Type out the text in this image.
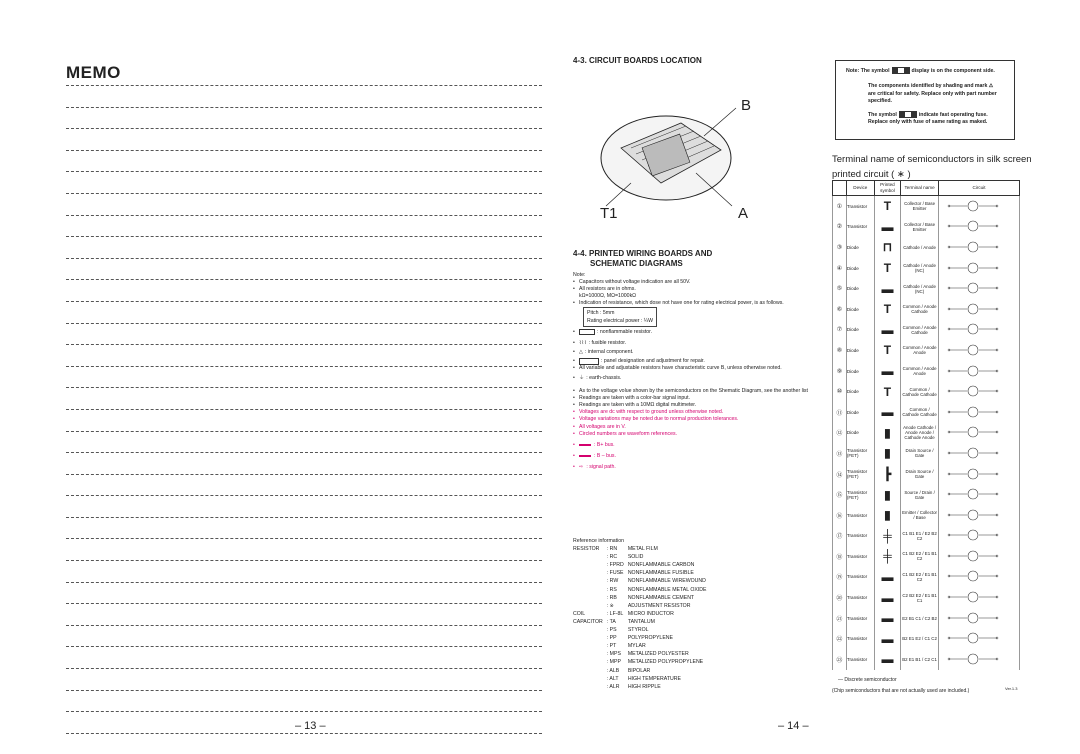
MEMO
– 13 –
4-3. CIRCUIT BOARDS LOCATION
B
T1	A
4-4. PRINTED WIRING BOARDS AND
SCHEMATIC DIAGRAMS
Note:
• Capacitors without voltage indication are all 50V.
• All resistors are in ohms.
kΩ=1000Ω, MΩ=1000kΩ
• Indication of resistance, which dose not have one for rating electrical power, is as follows.
Pitch : 5mm
Rating electrical power : ¼W
• : nonflammable resistor.
• ⌇⌇⌇ : fusible resistor.
• △ : internal component.
• : panel designation and adjustment for repair.
• All variable and adjustable resistors have characteristic curve B, unless otherwise noted.
• ⏚ : earth-chassis.
• As to the voltage volue shown by the semiconductors on the Shematic Diagram, see the another list
• Readings are taken with a color-bar signal input.
• Readings are taken with a 10MΩ digital multimeter.
• Voltages are dc with respect to ground unless otherwise noted.
• Voltage variations may be noted due to normal production tolerances.
• All voltages are in V.
• Circled numbers are waveform references.
• : B+ bus.
• : B – bus.
• ⇨ : signal path.
Reference information
RESISTOR	: RN	METAL FILM
	: RC	SOLID
	: FPRD	NONFLAMMABLE CARBON
	: FUSE	NONFLAMMABLE FUSIBLE
	: RW	NONFLAMMABLE WIREWOUND
	: RS	NONFLAMMABLE METAL OXIDE
	: RB	NONFLAMMABLE CEMENT
	: ※	ADJUSTMENT RESISTOR
COIL	: LF-8L	MICRO INDUCTOR
CAPACITOR	: TA	TANTALUM
	: PS	STYROL
	: PP	POLYPROPYLENE
	: PT	MYLAR
	: MPS	METALIZED POLYESTER
	: MPP	METALIZED POLYPROPYLENE
	: ALB	BIPOLAR
	: ALT	HIGH TEMPERATURE
	: ALR	HIGH RIPPLE
– 14 –
Note: The symbol	display is on the component side.
The components identified by shading and mark ⚠
are critical for safety. Replace only with part number specified.
The symbol	indicate fast operating fuse.
Replace only with fuse of same rating as maked.
Terminal name of semiconductors in silk screen printed circuit ( ∗ )
	Device	Printed symbol	Terminal name	Circuit
①	Transistor	T	Collector / Base Emitter	
②	Transistor	▬	Collector / Base Emitter	
③	Diode	⊓	Cathode / Anode	
④	Diode	T	Cathode / Anode (NC)	
⑤	Diode	▬	Cathode / Anode (NC)	
⑥	Diode	T	Common / Anode Cathode	
⑦	Diode	▬	Common / Anode Cathode	
⑧	Diode	T	Common / Anode Anode	
⑨	Diode	▬	Common / Anode Anode	
⑩	Diode	T	Common / Cathode Cathode	
⑪	Diode	▬	Common / Cathode Cathode	
⑫	Diode	▮	Anode Cathode / Anode Anode / Cathode Anode	
⑬	Transistor (FET)	▮	Drain Source / Gate	
⑭	Transistor (FET)	┣	Drain Source / Gate	
⑮	Transistor (FET)	▮	Source / Drain / Gate	
⑯	Transistor	▮	Emitter / Collector / Base	
⑰	Transistor	╪	C1 B1 E1 / E2 B2 C2	
⑱	Transistor	╪	C1 B2 E2 / E1 B1 C2	
⑲	Transistor	▬	C1 B2 E2 / E1 B1 C2	
⑳	Transistor	▬	C2 B2 E2 / E1 B1 C1	
㉑	Transistor	▬	E2 B1 C1 / C2 B2	
㉒	Transistor	▬	B2 E1 E2 / C1 C2	
㉓	Transistor	▬	B2 E1 B1 / C2 C1	
— Discrete semiconductor
(Chip semiconductors that are not actually used are included.)	Ver.1.3
